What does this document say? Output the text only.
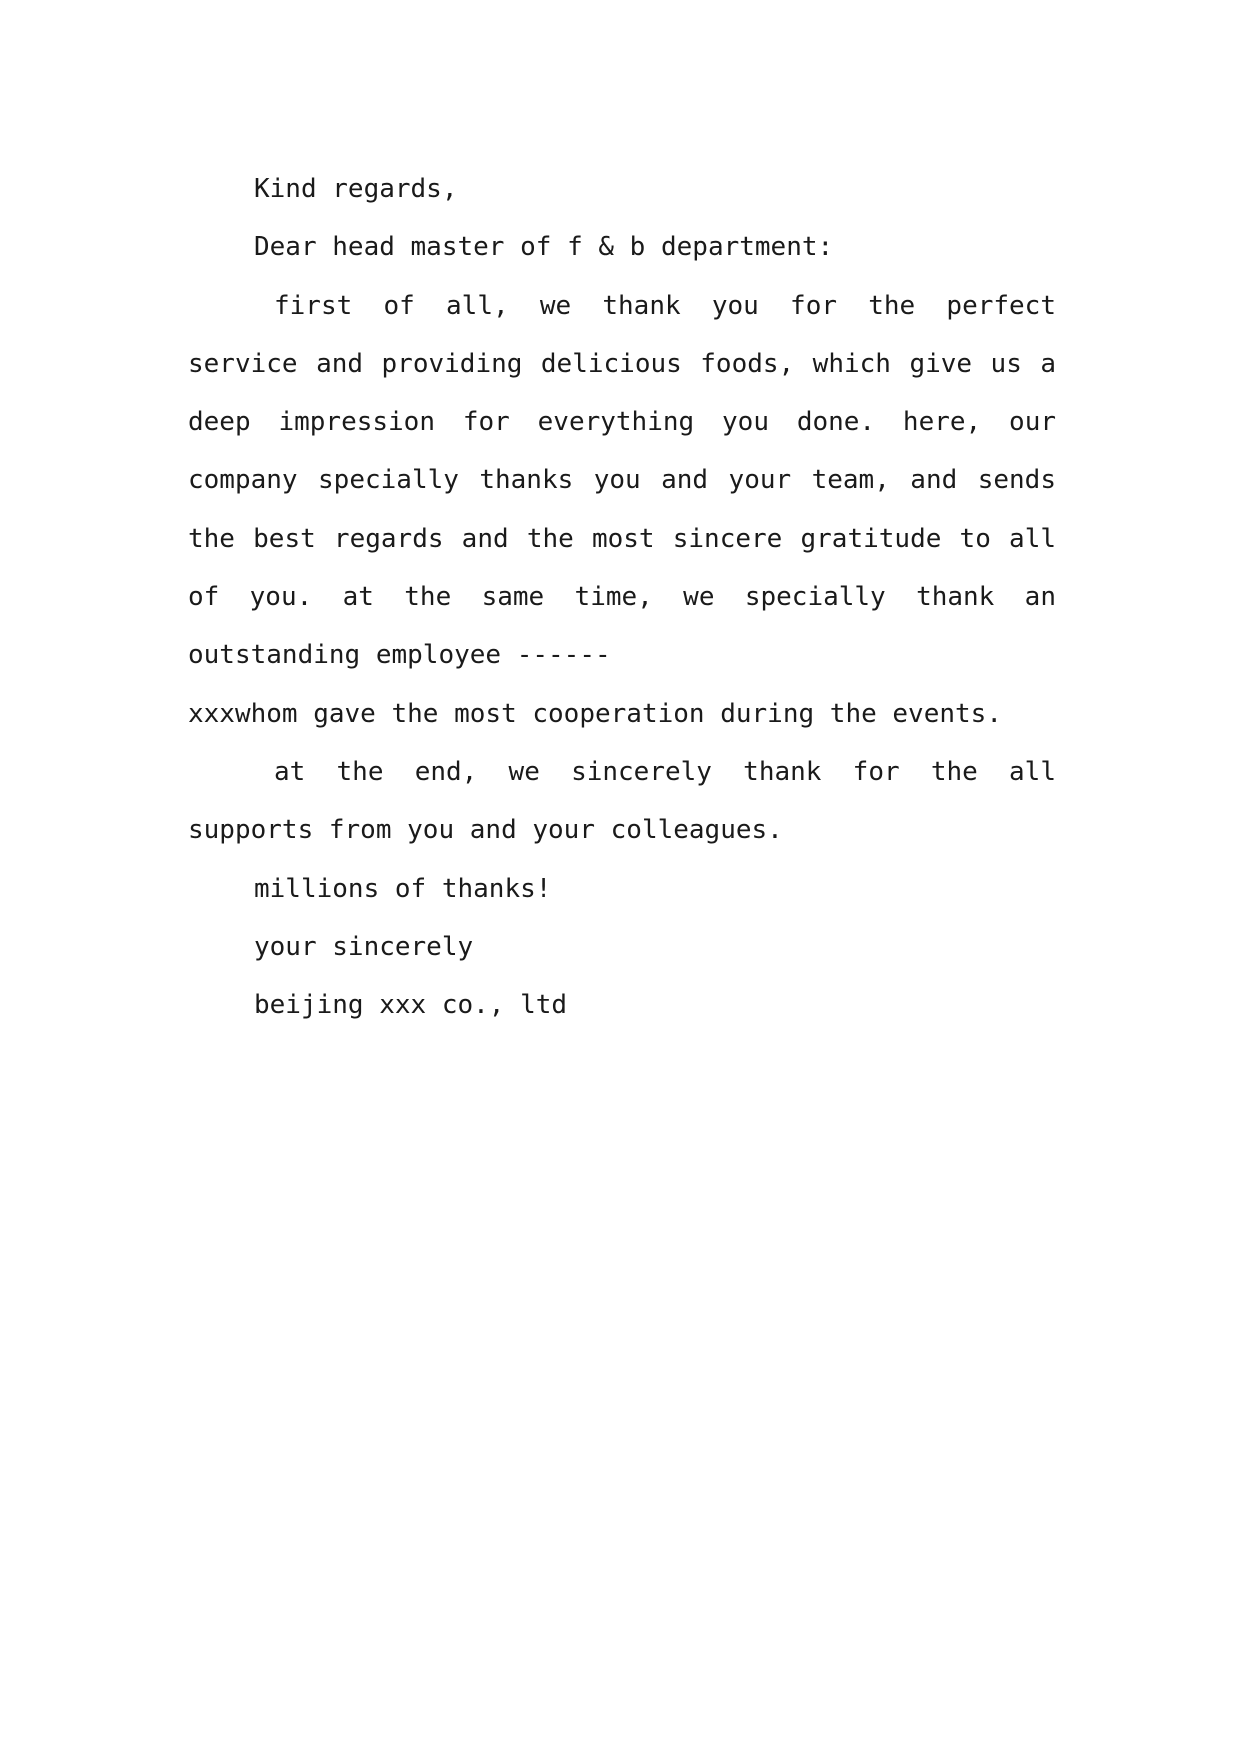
Kind regards,

Dear head master of f & b department:

first of all, we thank you for the perfect service and providing delicious foods, which give us a deep impression for everything you done. here, our company specially thanks you and your team, and sends the best regards and the most sincere gratitude to all of you. at the same time, we specially thank an outstanding employee ------

xxxwhom gave the most cooperation during the events.

at the end, we sincerely thank for the all supports from you and your colleagues.

millions of thanks!

your sincerely

beijing xxx co., ltd
